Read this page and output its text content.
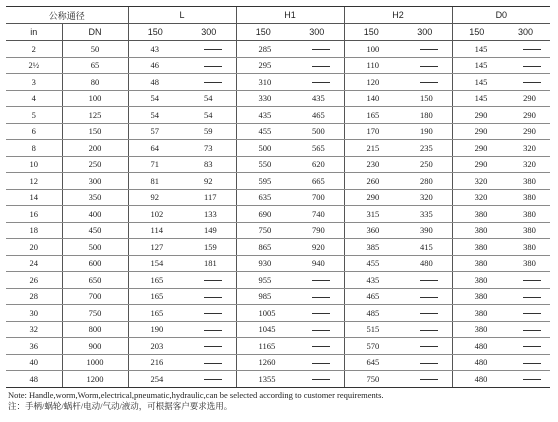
公称通径		L		H1		H2		D0	
in	DN	150	300	150	300	150	300	150	300
2	50	43		285		100		145	
2½	65	46		295		110		145	
3	80	48		310		120		145	
4	100	54	54	330	435	140	150	145	290
5	125	54	54	435	465	165	180	290	290
6	150	57	59	455	500	170	190	290	290
8	200	64	73	500	565	215	235	290	320
10	250	71	83	550	620	230	250	290	320
12	300	81	92	595	665	260	280	320	380
14	350	92	117	635	700	290	320	320	380
16	400	102	133	690	740	315	335	380	380
18	450	114	149	750	790	360	390	380	380
20	500	127	159	865	920	385	415	380	380
24	600	154	181	930	940	455	480	380	380
26	650	165		955		435		380	
28	700	165		985		465		380	
30	750	165		1005		485		380	
32	800	190		1045		515		380	
36	900	203		1165		570		480	
40	1000	216		1260		645		480	
48	1200	254		1355		750		480	
Note: Handle,worm,Worm,electrical,pneumatic,hydraulic,can be selected according to customer requirements.
注：手柄/蜗轮/蜗杆/电动/气动/液动，可根据客户要求选用。
